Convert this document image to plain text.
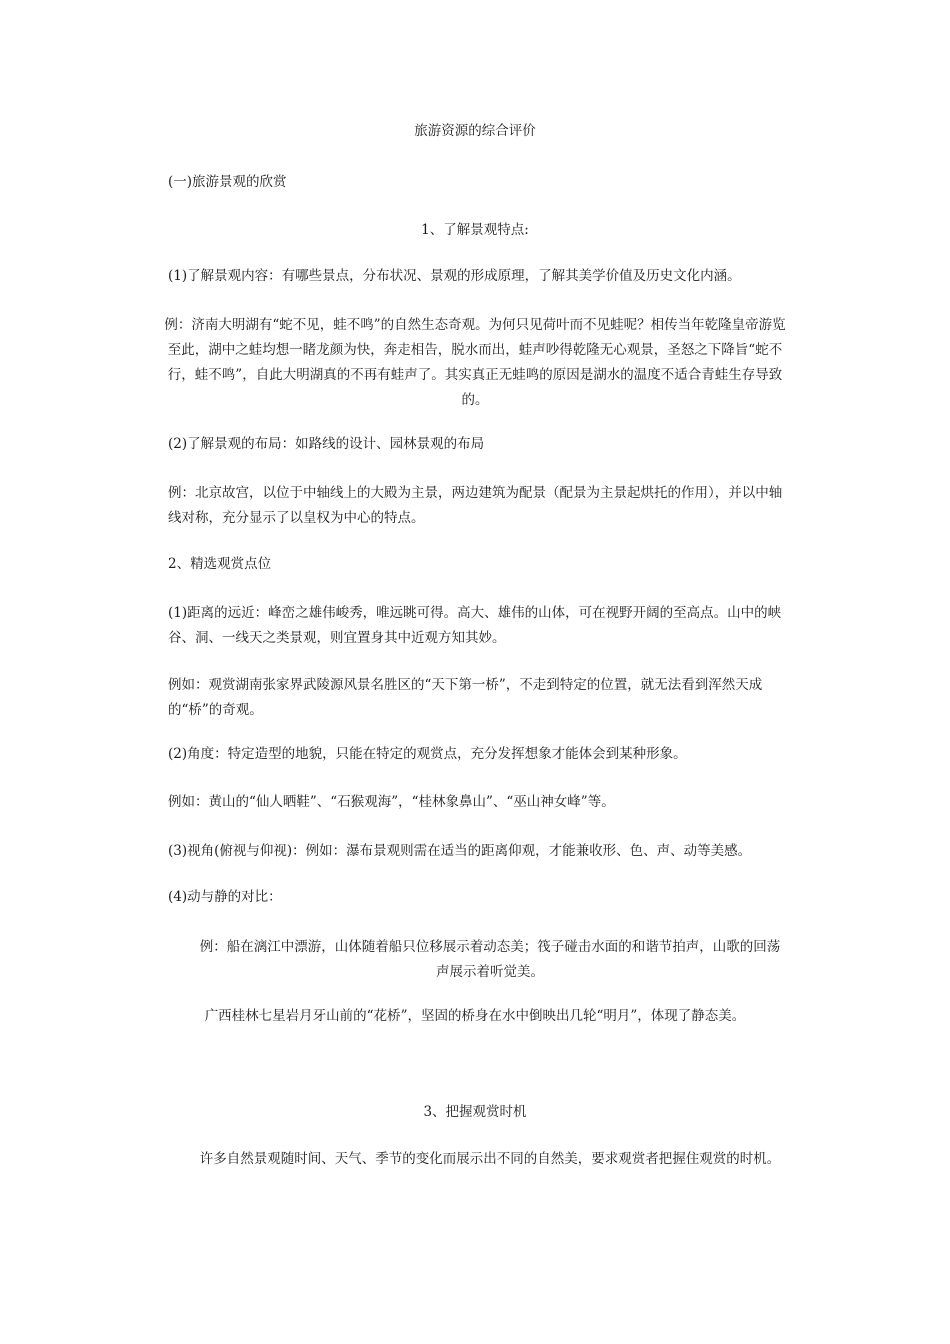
旅游资源的综合评价
(一)旅游景观的欣赏
1、了解景观特点:
(1)了解景观内容：有哪些景点，分布状况、景观的形成原理，了解其美学价值及历史文化内涵。
例：济南大明湖有“蛇不见，蛙不鸣”的自然生态奇观。为何只见荷叶而不见蛙呢？相传当年乾隆皇帝游览至此，湖中之蛙均想一睹龙颜为快，奔走相告，脱水而出，蛙声吵得乾隆无心观景，圣怒之下降旨“蛇不行，蛙不鸣”，自此大明湖真的不再有蛙声了。其实真正无蛙鸣的原因是湖水的温度不适合青蛙生存导致的。
(2)了解景观的布局：如路线的设计、园林景观的布局
例：北京故宫，以位于中轴线上的大殿为主景，两边建筑为配景（配景为主景起烘托的作用），并以中轴线对称，充分显示了以皇权为中心的特点。
2、精选观赏点位
(1)距离的远近：峰峦之雄伟峻秀，唯远眺可得。高大、雄伟的山体，可在视野开阔的至高点。山中的峡谷、洞、一线天之类景观，则宜置身其中近观方知其妙。
例如：观赏湖南张家界武陵源风景名胜区的“天下第一桥”，不走到特定的位置，就无法看到浑然天成的“桥”的奇观。
(2)角度：特定造型的地貌，只能在特定的观赏点，充分发挥想象才能体会到某种形象。
例如：黄山的“仙人晒鞋”、“石猴观海”，“桂林象鼻山”、“巫山神女峰”等。
(3)视角(俯视与仰视)：例如：瀑布景观则需在适当的距离仰观，才能兼收形、色、声、动等美感。
(4)动与静的对比：
例：船在漓江中漂游，山体随着船只位移展示着动态美；筏子碰击水面的和谐节拍声，山歌的回荡声展示着听觉美。
广西桂林七星岩月牙山前的“花桥”，坚固的桥身在水中倒映出几轮“明月”，体现了静态美。
3、把握观赏时机
许多自然景观随时间、天气、季节的变化而展示出不同的自然美，要求观赏者把握住观赏的时机。
